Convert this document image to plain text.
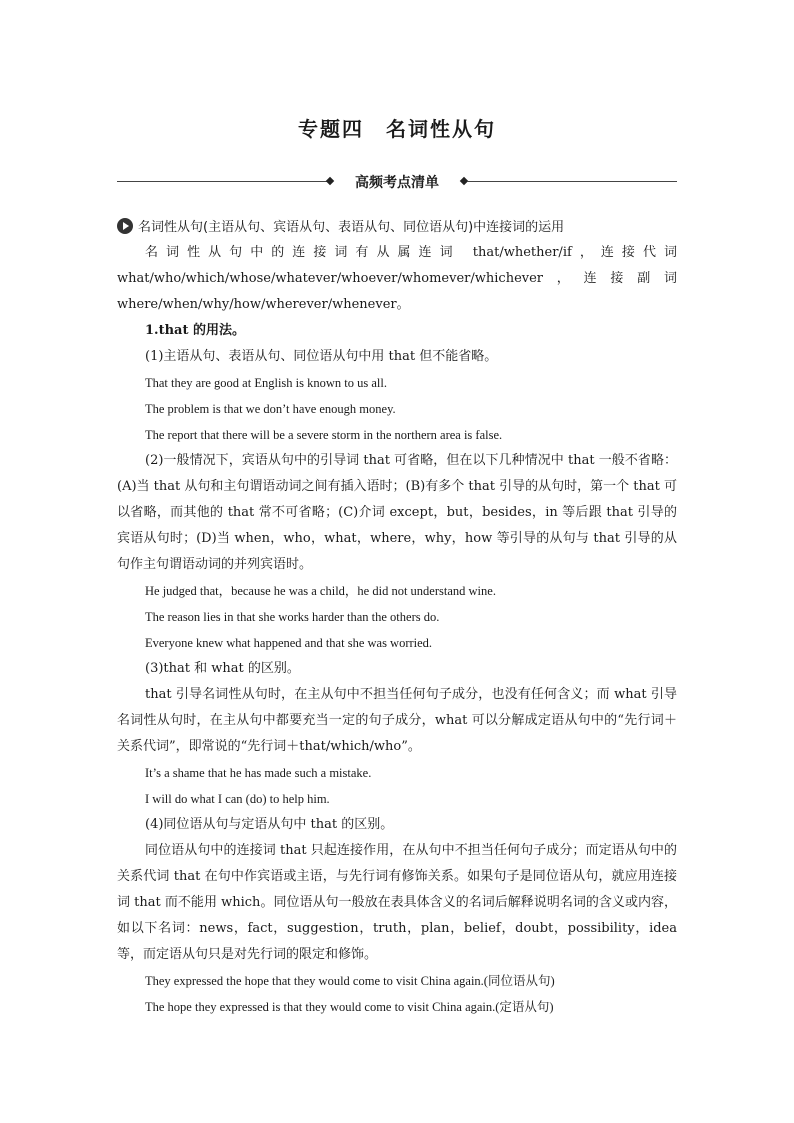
专题四　名词性从句
高频考点清单
名词性从句(主语从句、宾语从句、表语从句、同位语从句)中连接词的运用

名词性从句中的连接词有从属连词 that/whether/if，连接代词 what/who/which/whose/whatever/whoever/whomever/whichever，连接副词 where/when/why/how/wherever/whenever。

1.that 的用法。

(1)主语从句、表语从句、同位语从句中用 that 但不能省略。

That they are good at English is known to us all.

The problem is that we don’t have enough money.

The report that there will be a severe storm in the northern area is false.

(2)一般情况下，宾语从句中的引导词 that 可省略，但在以下几种情况中 that 一般不省略：(A)当 that 从句和主句谓语动词之间有插入语时；(B)有多个 that 引导的从句时，第一个 that 可以省略，而其他的 that 常不可省略；(C)介词 except，but，besides，in 等后跟 that 引导的宾语从句时；(D)当 when，who，what，where，why，how 等引导的从句与 that 引导的从句作主句谓语动词的并列宾语时。

He judged that，because he was a child，he did not understand wine.

The reason lies in that she works harder than the others do.

Everyone knew what happened and that she was worried.

(3)that 和 what 的区别。

that 引导名词性从句时，在主从句中不担当任何句子成分，也没有任何含义；而 what 引导名词性从句时，在主从句中都要充当一定的句子成分，what 可以分解成定语从句中的“先行词＋关系代词”，即常说的“先行词＋that/which/who”。

It’s a shame that he has made such a mistake.

I will do what I can (do) to help him.

(4)同位语从句与定语从句中 that 的区别。

同位语从句中的连接词 that 只起连接作用，在从句中不担当任何句子成分；而定语从句中的关系代词 that 在句中作宾语或主语，与先行词有修饰关系。如果句子是同位语从句，就应用连接词 that 而不能用 which。同位语从句一般放在表具体含义的名词后解释说明名词的含义或内容，如以下名词：news，fact，suggestion，truth，plan，belief，doubt，possibility，idea 等，而定语从句只是对先行词的限定和修饰。

They expressed the hope that they would come to visit China again.(同位语从句)

The hope they expressed is that they would come to visit China again.(定语从句)
